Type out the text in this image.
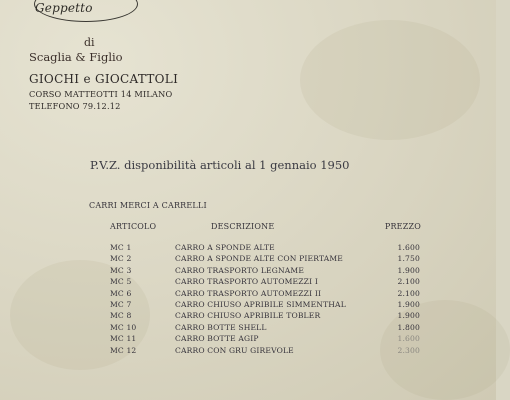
Geppetto
di
Scaglia & Figlio
GIOCHI e GIOCATTOLI
CORSO MATTEOTTI 14 MILANO
TELEFONO 79.12.12
P.V.Z. disponibilità articoli al 1 gennaio 1950
CARRI MERCI A CARRELLI
ARTICOLO	DESCRIZIONE	PREZZO
MC 1	CARRO A SPONDE ALTE	1.600
MC 2	CARRO A SPONDE ALTE CON PIERTAME	1.750
MC 3	CARRO TRASPORTO LEGNAME	1.900
MC 5	CARRO TRASPORTO AUTOMEZZI I	2.100
MC 6	CARRO TRASPORTO AUTOMEZZI II	2.100
MC 7	CARRO CHIUSO APRIBILE SIMMENTHAL	1.900
MC 8	CARRO CHIUSO APRIBILE TOBLER	1.900
MC 10	CARRO BOTTE SHELL	1.800
MC 11	CARRO BOTTE AGIP	1.600
MC 12	CARRO CON GRU GIREVOLE	2.300
